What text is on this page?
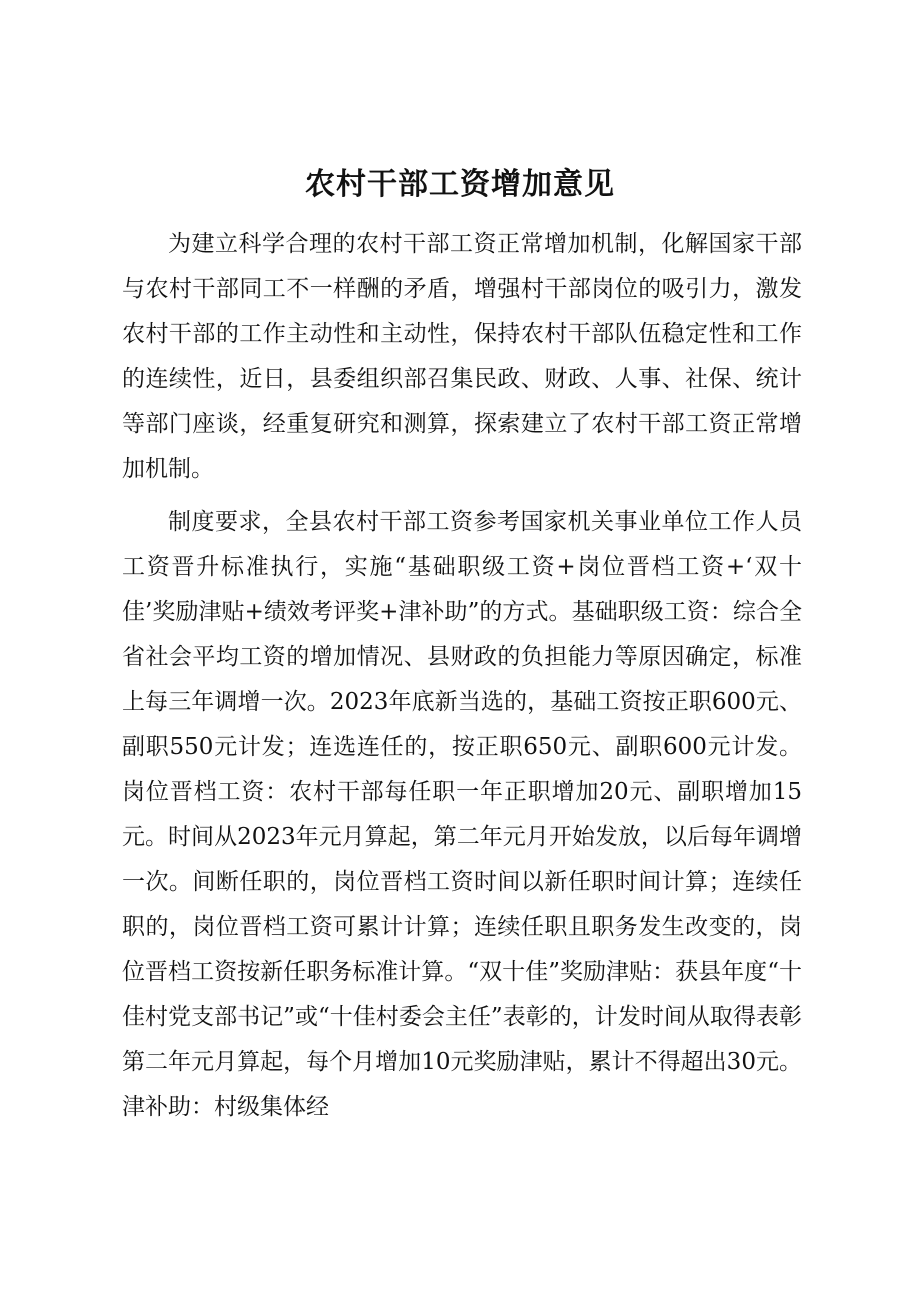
农村干部工资增加意见

为建立科学合理的农村干部工资正常增加机制，化解国家干部与农村干部同工不一样酬的矛盾，增强村干部岗位的吸引力，激发农村干部的工作主动性和主动性，保持农村干部队伍稳定性和工作的连续性，近日，县委组织部召集民政、财政、人事、社保、统计等部门座谈，经重复研究和测算，探索建立了农村干部工资正常增加机制。

制度要求，全县农村干部工资参考国家机关事业单位工作人员工资晋升标准执行，实施“基础职级工资+岗位晋档工资+‘双十佳’奖励津贴+绩效考评奖+津补助”的方式。基础职级工资：综合全省社会平均工资的增加情况、县财政的负担能力等原因确定，标准上每三年调增一次。2023年底新当选的，基础工资按正职600元、副职550元计发；连选连任的，按正职650元、副职600元计发。岗位晋档工资：农村干部每任职一年正职增加20元、副职增加15元。时间从2023年元月算起，第二年元月开始发放，以后每年调增一次。间断任职的，岗位晋档工资时间以新任职时间计算；连续任职的，岗位晋档工资可累计计算；连续任职且职务发生改变的，岗位晋档工资按新任职务标准计算。“双十佳”奖励津贴：获县年度“十佳村党支部书记”或“十佳村委会主任”表彰的，计发时间从取得表彰第二年元月算起，每个月增加10元奖励津贴，累计不得超出30元。津补助：村级集体经
